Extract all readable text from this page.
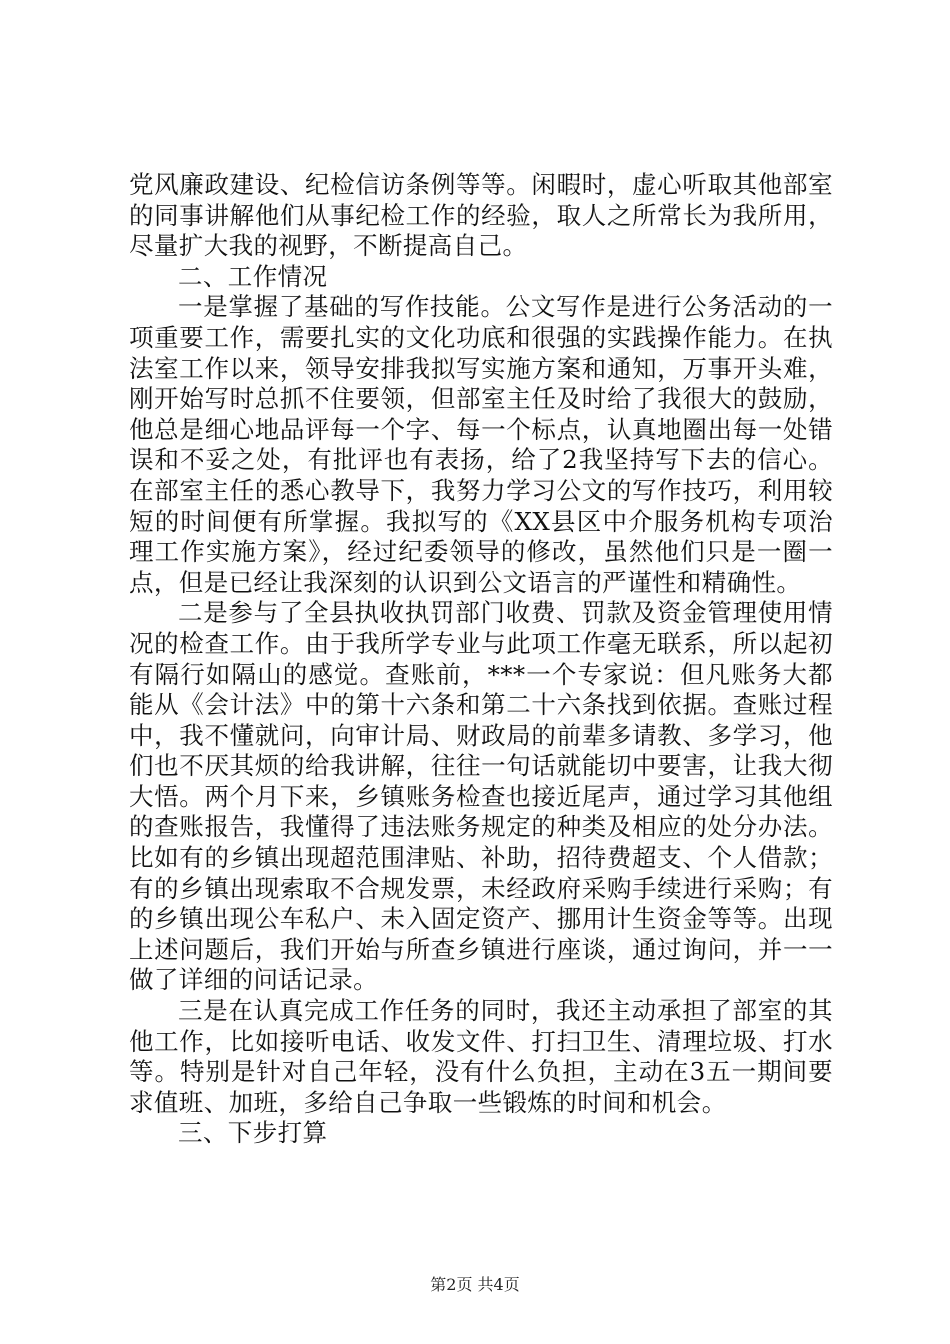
党风廉政建设、纪检信访条例等等。闲暇时，虚心听取其他部室的同事讲解他们从事纪检工作的经验，取人之所常长为我所用，尽量扩大我的视野，不断提高自己。

二、工作情况

一是掌握了基础的写作技能。公文写作是进行公务活动的一项重要工作，需要扎实的文化功底和很强的实践操作能力。在执法室工作以来，领导安排我拟写实施方案和通知，万事开头难，刚开始写时总抓不住要领，但部室主任及时给了我很大的鼓励，他总是细心地品评每一个字、每一个标点，认真地圈出每一处错误和不妥之处，有批评也有表扬，给了2我坚持写下去的信心。在部室主任的悉心教导下，我努力学习公文的写作技巧，利用较短的时间便有所掌握。我拟写的《XX县区中介服务机构专项治理工作实施方案》，经过纪委领导的修改，虽然他们只是一圈一点，但是已经让我深刻的认识到公文语言的严谨性和精确性。

二是参与了全县执收执罚部门收费、罚款及资金管理使用情况的检查工作。由于我所学专业与此项工作毫无联系，所以起初有隔行如隔山的感觉。查账前，***一个专家说：但凡账务大都能从《会计法》中的第十六条和第二十六条找到依据。查账过程中，我不懂就问，向审计局、财政局的前辈多请教、多学习，他们也不厌其烦的给我讲解，往往一句话就能切中要害，让我大彻大悟。两个月下来，乡镇账务检查也接近尾声，通过学习其他组的查账报告，我懂得了违法账务规定的种类及相应的处分办法。比如有的乡镇出现超范围津贴、补助，招待费超支、个人借款；有的乡镇出现索取不合规发票，未经政府采购手续进行采购；有的乡镇出现公车私户、未入固定资产、挪用计生资金等等。出现上述问题后，我们开始与所查乡镇进行座谈，通过询问，并一一做了详细的问话记录。

三是在认真完成工作任务的同时，我还主动承担了部室的其他工作，比如接听电话、收发文件、打扫卫生、清理垃圾、打水等。特别是针对自己年轻，没有什么负担，主动在3五一期间要求值班、加班，多给自己争取一些锻炼的时间和机会。

三、下步打算

第2页 共4页
